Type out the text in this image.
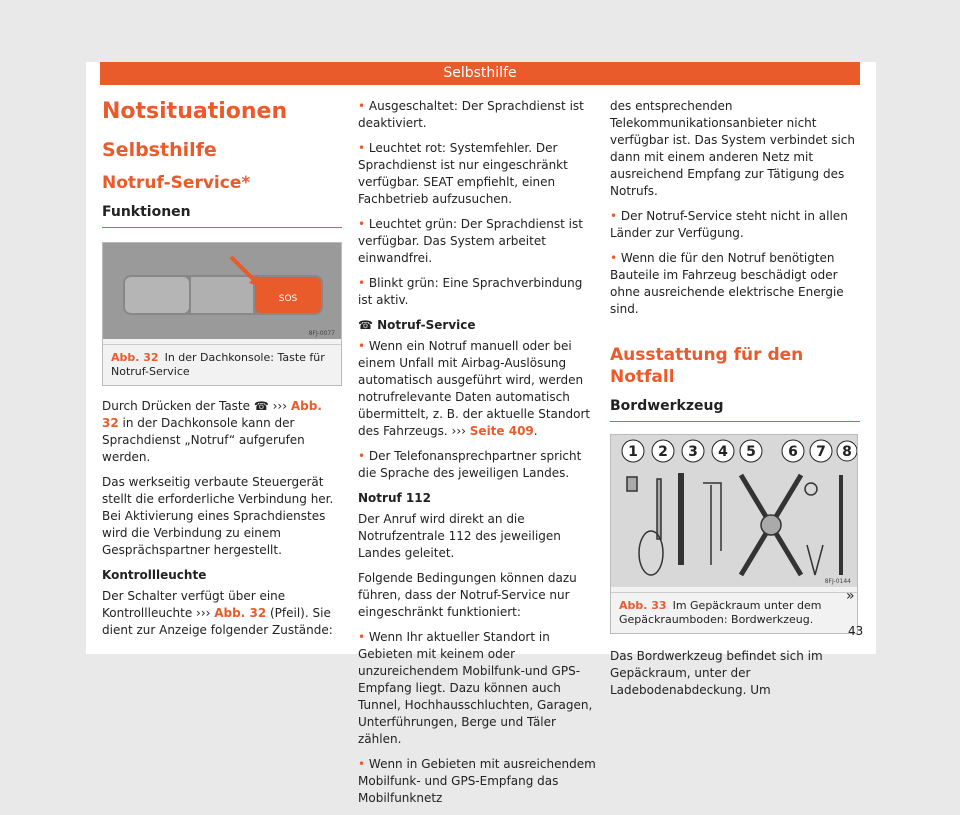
Selbsthilfe
Notsituationen
Selbsthilfe
Notruf-Service*
Funktionen
SOS
8FJ-0077
Abb. 32 In der Dachkonsole: Taste für Notruf-Service

Durch Drücken der Taste ☎ ››› Abb. 32 in der Dachkonsole kann der Sprachdienst „Notruf“ aufgerufen werden.

Das werkseitig verbaute Steuergerät stellt die erforderliche Verbindung her. Bei Aktivierung eines Sprachdienstes wird die Verbindung zu einem Gesprächspartner hergestellt.

Kontrollleuchte

Der Schalter verfügt über eine Kontrollleuchte ››› Abb. 32 (Pfeil). Sie dient zur Anzeige folgender Zustände:

• Ausgeschaltet: Der Sprachdienst ist deaktiviert.

• Leuchtet rot: Systemfehler. Der Sprachdienst ist nur eingeschränkt verfügbar. SEAT empfiehlt, einen Fachbetrieb aufzusuchen.

• Leuchtet grün: Der Sprachdienst ist verfügbar. Das System arbeitet einwandfrei.

• Blinkt grün: Eine Sprachverbindung ist aktiv.

☎ Notruf-Service

• Wenn ein Notruf manuell oder bei einem Unfall mit Airbag-Auslösung automatisch ausgeführt wird, werden notrufrelevante Daten automatisch übermittelt, z. B. der aktuelle Standort des Fahrzeugs. ››› Seite 409.

• Der Telefonansprechpartner spricht die Sprache des jeweiligen Landes.

Notruf 112

Der Anruf wird direkt an die Notrufzentrale 112 des jeweiligen Landes geleitet.

Folgende Bedingungen können dazu führen, dass der Notruf-Service nur eingeschränkt funktioniert:

• Wenn Ihr aktueller Standort in Gebieten mit keinem oder unzureichendem Mobilfunk-und GPS-Empfang liegt. Dazu können auch Tunnel, Hochhausschluchten, Garagen, Unterführungen, Berge und Täler zählen.

• Wenn in Gebieten mit ausreichendem Mobilfunk- und GPS-Empfang das Mobilfunknetz

des entsprechenden Telekommunikationsanbieter nicht verfügbar ist. Das System verbindet sich dann mit einem anderen Netz mit ausreichend Empfang zur Tätigung des Notrufs.

• Der Notruf-Service steht nicht in allen Länder zur Verfügung.

• Wenn die für den Notruf benötigten Bauteile im Fahrzeug beschädigt oder ohne ausreichende elektrische Energie sind.

Ausstattung für den Notfall
Bordwerkzeug
1 2 3 4 5 6 7 8
8FJ-0144
Abb. 33 Im Gepäckraum unter dem Gepäckraumboden: Bordwerkzeug.

Das Bordwerkzeug befindet sich im Gepäckraum, unter der Ladebodenabdeckung. Um

»
43
